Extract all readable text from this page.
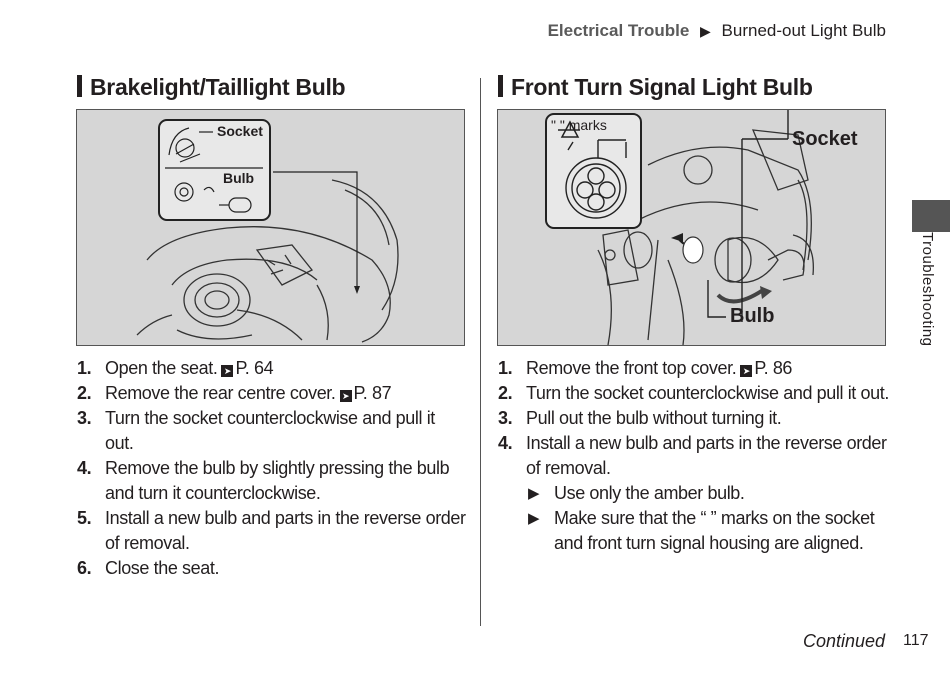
Electrical Trouble ▶ Burned-out Light Bulb
Brakelight/Taillight Bulb
Socket
Bulb
1. Open the seat. ➤ P. 64
2. Remove the rear centre cover. ➤ P. 87
3. Turn the socket counterclockwise and pull it out.
4. Remove the bulb by slightly pressing the bulb and turn it counterclockwise.
5. Install a new bulb and parts in the reverse order of removal.
6. Close the seat.
Front Turn Signal Light Bulb
" " marks
Socket
Bulb
1. Remove the front top cover. ➤ P. 86
2. Turn the socket counterclockwise and pull it out.
3. Pull out the bulb without turning it.
4. Install a new bulb and parts in the reverse order of removal.
▶ Use only the amber bulb.
▶ Make sure that the “ ” marks on the socket and front turn signal housing are aligned.
Troubleshooting
Continued 117
